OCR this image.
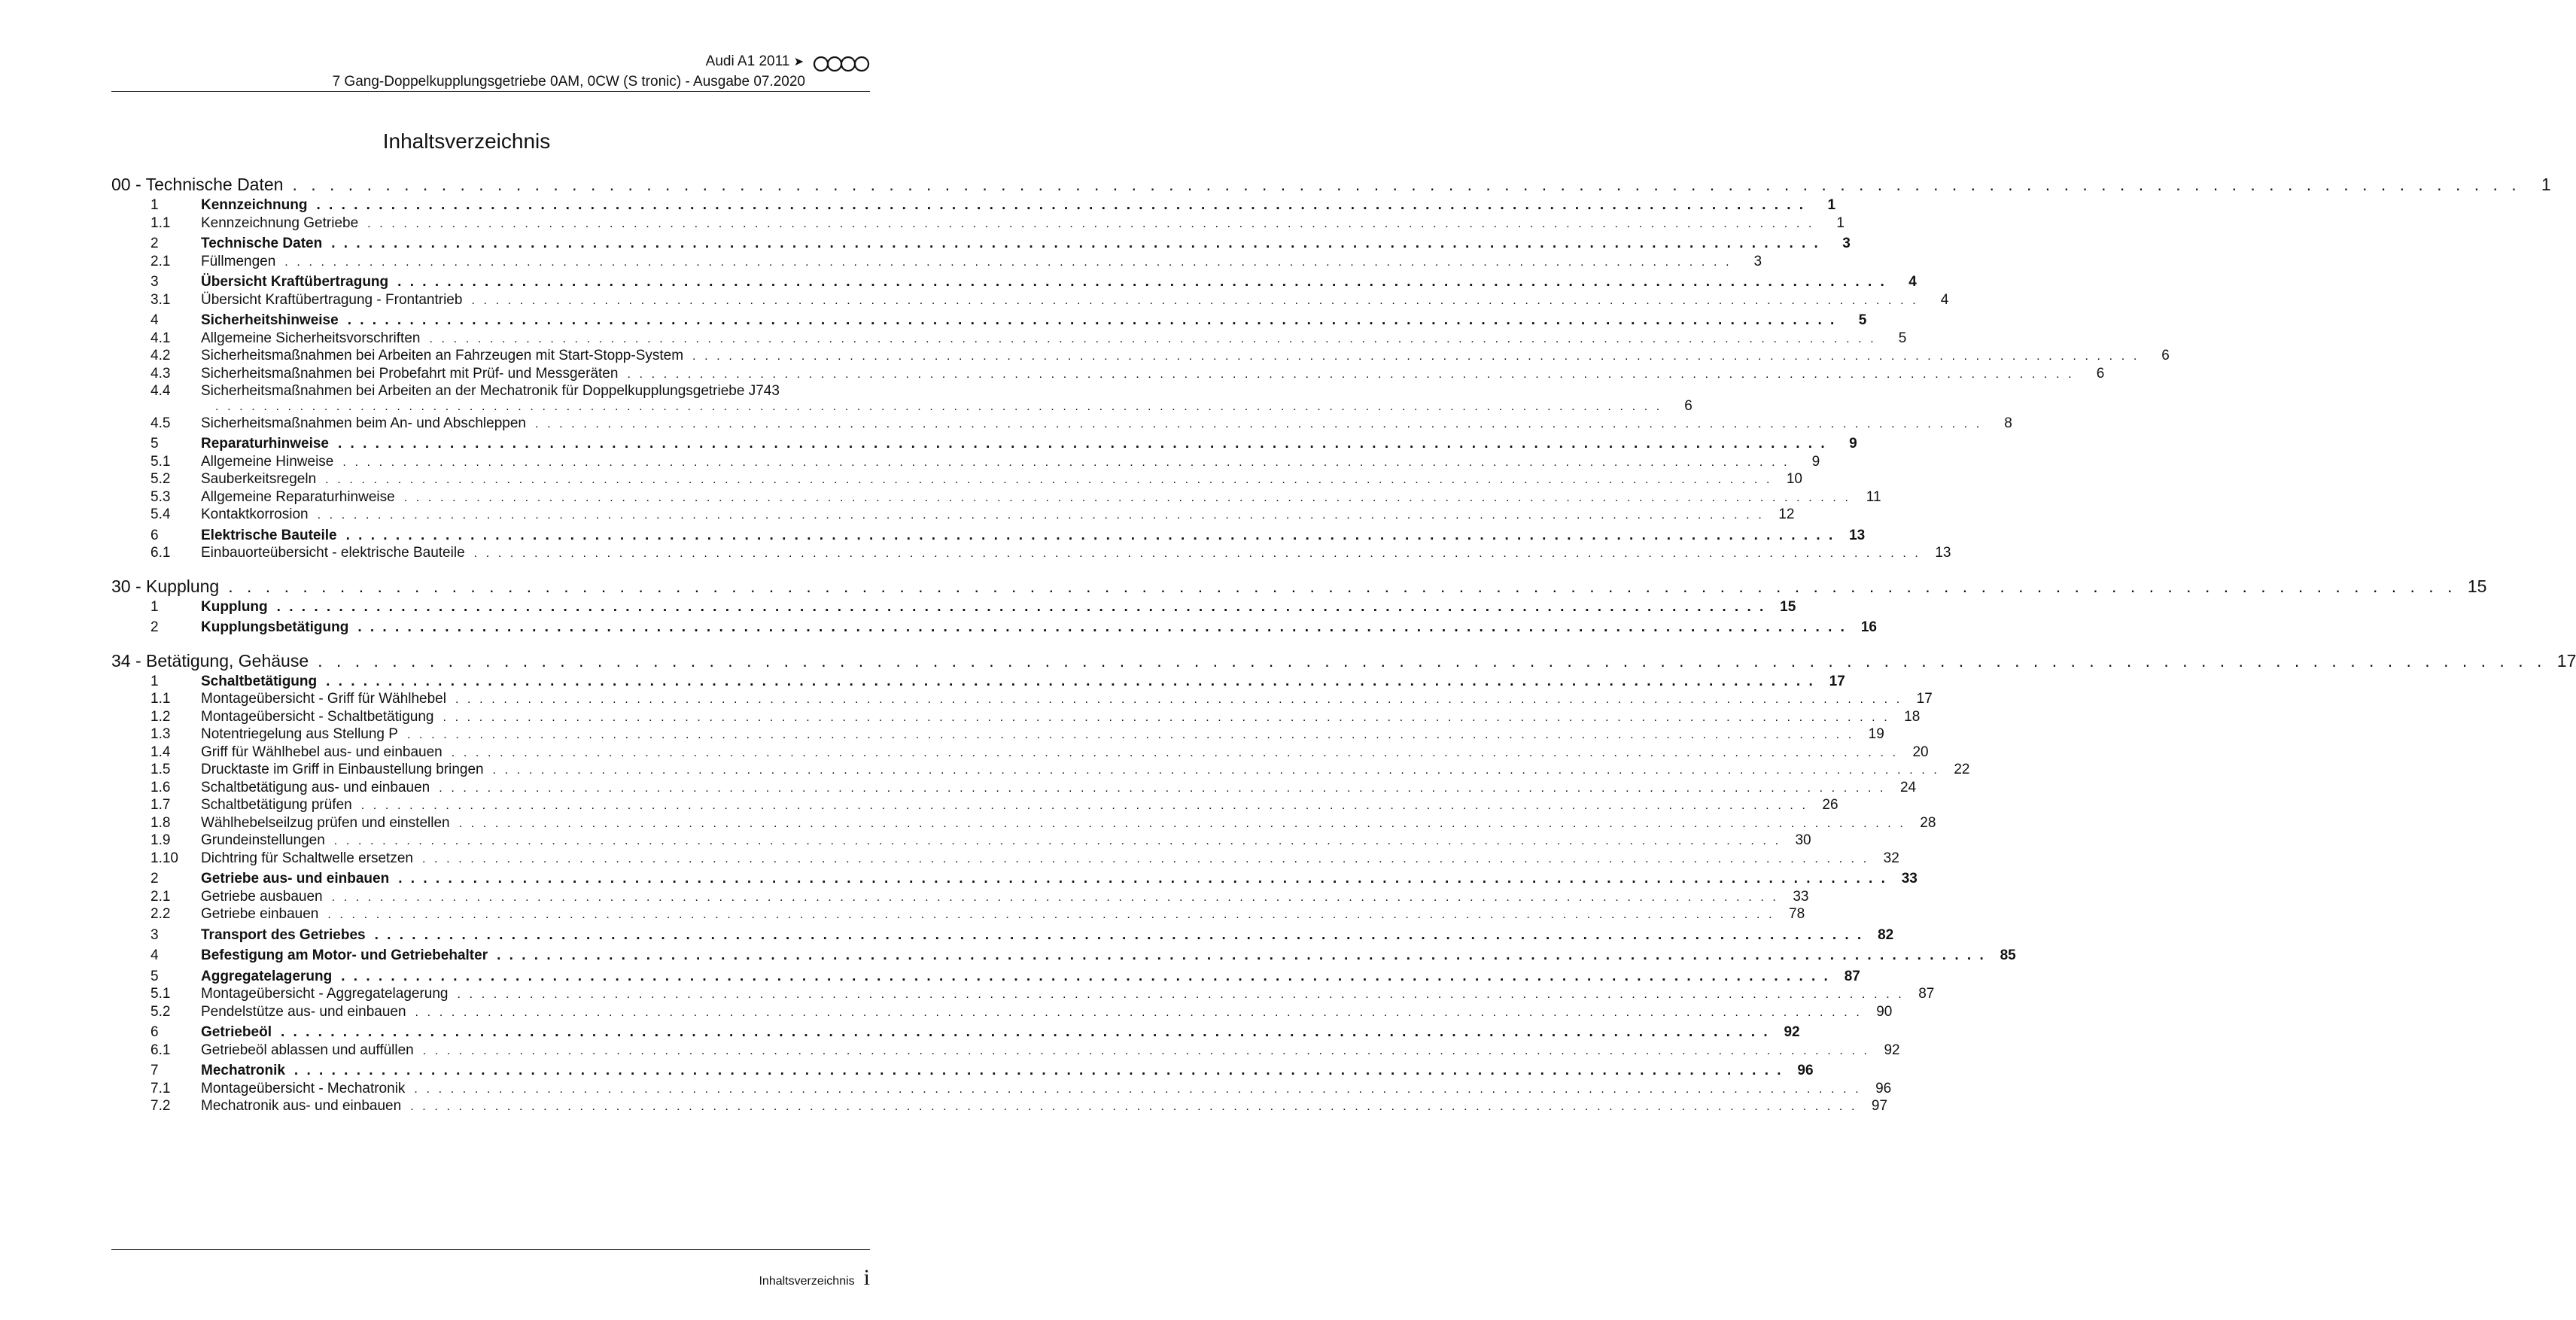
Audi A1 2011 ➤
7 Gang-Doppelkupplungsgetriebe 0AM, 0CW (S tronic) - Ausgabe 07.2020
Inhaltsverzeichnis
00 - Technische Daten . . . . . . . . . . . . . . . . . . . . . . . . . . . . . . . . . . . . . . . . . . . . . . . . . . . . . . . . . . . . . . . . . . . . . . . . . . . . . . . . . . . . . . . . . . . . . . . . . . . . . . . . . . . . . . . . . . . . . . . .	1
1	Kennzeichnung . . . . . . . . . . . . . . . . . . . . . . . . . . . . . . . . . . . . . . . . . . . . . . . . . . . . . . . . . . . . . . . . . . . . . . . . . . . . . . . . . . . . . . . . . . . . . . . . . . . . . . . . . . . . . . . . . . . . . . . .	1
1.1	Kennzeichnung Getriebe . . . . . . . . . . . . . . . . . . . . . . . . . . . . . . . . . . . . . . . . . . . . . . . . . . . . . . . . . . . . . . . . . . . . . . . . . . . . . . . . . . . . . . . . . . . . . . . . . . . . . . . . . . . . . . . . . . . . . . . .	1
2	Technische Daten . . . . . . . . . . . . . . . . . . . . . . . . . . . . . . . . . . . . . . . . . . . . . . . . . . . . . . . . . . . . . . . . . . . . . . . . . . . . . . . . . . . . . . . . . . . . . . . . . . . . . . . . . . . . . . . . . . . . . . . .	3
2.1	Füllmengen . . . . . . . . . . . . . . . . . . . . . . . . . . . . . . . . . . . . . . . . . . . . . . . . . . . . . . . . . . . . . . . . . . . . . . . . . . . . . . . . . . . . . . . . . . . . . . . . . . . . . . . . . . . . . . . . . . . . . . . .	3
3	Übersicht Kraftübertragung . . . . . . . . . . . . . . . . . . . . . . . . . . . . . . . . . . . . . . . . . . . . . . . . . . . . . . . . . . . . . . . . . . . . . . . . . . . . . . . . . . . . . . . . . . . . . . . . . . . . . . . . . . . . . . . . . . . . . . . .	4
3.1	Übersicht Kraftübertragung - Frontantrieb . . . . . . . . . . . . . . . . . . . . . . . . . . . . . . . . . . . . . . . . . . . . . . . . . . . . . . . . . . . . . . . . . . . . . . . . . . . . . . . . . . . . . . . . . . . . . . . . . . . . . . . . . . . . . . . . . . . . . . . .	4
4	Sicherheitshinweise . . . . . . . . . . . . . . . . . . . . . . . . . . . . . . . . . . . . . . . . . . . . . . . . . . . . . . . . . . . . . . . . . . . . . . . . . . . . . . . . . . . . . . . . . . . . . . . . . . . . . . . . . . . . . . . . . . . . . . . .	5
4.1	Allgemeine Sicherheitsvorschriften . . . . . . . . . . . . . . . . . . . . . . . . . . . . . . . . . . . . . . . . . . . . . . . . . . . . . . . . . . . . . . . . . . . . . . . . . . . . . . . . . . . . . . . . . . . . . . . . . . . . . . . . . . . . . . . . . . . . . . . .	5
4.2	Sicherheitsmaßnahmen bei Arbeiten an Fahrzeugen mit Start-Stopp-System . . . . . . . . . . . . . . . . . . . . . . . . . . . . . . . . . . . . . . . . . . . . . . . . . . . . . . . . . . . . . . . . . . . . . . . . . . . . . . . . . . . . . . . . . . . . . . . . . . . . . . . . . . . . . . . . . . . . . . . .	6
4.3	Sicherheitsmaßnahmen bei Probefahrt mit Prüf- und Messgeräten . . . . . . . . . . . . . . . . . . . . . . . . . . . . . . . . . . . . . . . . . . . . . . . . . . . . . . . . . . . . . . . . . . . . . . . . . . . . . . . . . . . . . . . . . . . . . . . . . . . . . . . . . . . . . . . . . . . . . . . .	6
4.4	Sicherheitsmaßnahmen bei Arbeiten an der Mechatronik für Doppelkupplungsgetriebe J743
. . . . . . . . . . . . . . . . . . . . . . . . . . . . . . . . . . . . . . . . . . . . . . . . . . . . . . . . . . . . . . . . . . . . . . . . . . . . . . . . . . . . . . . . . . . . . . . . . . . . . . . . . . . . . . . . . . . . . . . .	6
4.5	Sicherheitsmaßnahmen beim An- und Abschleppen . . . . . . . . . . . . . . . . . . . . . . . . . . . . . . . . . . . . . . . . . . . . . . . . . . . . . . . . . . . . . . . . . . . . . . . . . . . . . . . . . . . . . . . . . . . . . . . . . . . . . . . . . . . . . . . . . . . . . . . .	8
5	Reparaturhinweise . . . . . . . . . . . . . . . . . . . . . . . . . . . . . . . . . . . . . . . . . . . . . . . . . . . . . . . . . . . . . . . . . . . . . . . . . . . . . . . . . . . . . . . . . . . . . . . . . . . . . . . . . . . . . . . . . . . . . . . .	9
5.1	Allgemeine Hinweise . . . . . . . . . . . . . . . . . . . . . . . . . . . . . . . . . . . . . . . . . . . . . . . . . . . . . . . . . . . . . . . . . . . . . . . . . . . . . . . . . . . . . . . . . . . . . . . . . . . . . . . . . . . . . . . . . . . . . . . .	9
5.2	Sauberkeitsregeln . . . . . . . . . . . . . . . . . . . . . . . . . . . . . . . . . . . . . . . . . . . . . . . . . . . . . . . . . . . . . . . . . . . . . . . . . . . . . . . . . . . . . . . . . . . . . . . . . . . . . . . . . . . . . . . . . . . . . . . . 10
5.3	Allgemeine Reparaturhinweise . . . . . . . . . . . . . . . . . . . . . . . . . . . . . . . . . . . . . . . . . . . . . . . . . . . . . . . . . . . . . . . . . . . . . . . . . . . . . . . . . . . . . . . . . . . . . . . . . . . . . . . . . . . . . . . . . . . . . . . .	11
5.4	Kontaktkorrosion . . . . . . . . . . . . . . . . . . . . . . . . . . . . . . . . . . . . . . . . . . . . . . . . . . . . . . . . . . . . . . . . . . . . . . . . . . . . . . . . . . . . . . . . . . . . . . . . . . . . . . . . . . . . . . . . . . . . . . . . 12
6	Elektrische Bauteile . . . . . . . . . . . . . . . . . . . . . . . . . . . . . . . . . . . . . . . . . . . . . . . . . . . . . . . . . . . . . . . . . . . . . . . . . . . . . . . . . . . . . . . . . . . . . . . . . . . . . . . . . . . . . . . . . . . . . . . . 13
6.1	Einbauorteübersicht - elektrische Bauteile . . . . . . . . . . . . . . . . . . . . . . . . . . . . . . . . . . . . . . . . . . . . . . . . . . . . . . . . . . . . . . . . . . . . . . . . . . . . . . . . . . . . . . . . . . . . . . . . . . . . . . . . . . . . . . . . . . . . . . . . 13
30 - Kupplung . . . . . . . . . . . . . . . . . . . . . . . . . . . . . . . . . . . . . . . . . . . . . . . . . . . . . . . . . . . . . . . . . . . . . . . . . . . . . . . . . . . . . . . . . . . . . . . . . . . . . . . . . . . . . . . . . . . . . . . . 15
1	Kupplung . . . . . . . . . . . . . . . . . . . . . . . . . . . . . . . . . . . . . . . . . . . . . . . . . . . . . . . . . . . . . . . . . . . . . . . . . . . . . . . . . . . . . . . . . . . . . . . . . . . . . . . . . . . . . . . . . . . . . . . . 15
2	Kupplungsbetätigung . . . . . . . . . . . . . . . . . . . . . . . . . . . . . . . . . . . . . . . . . . . . . . . . . . . . . . . . . . . . . . . . . . . . . . . . . . . . . . . . . . . . . . . . . . . . . . . . . . . . . . . . . . . . . . . . . . . . . . . . 16
34 - Betätigung, Gehäuse . . . . . . . . . . . . . . . . . . . . . . . . . . . . . . . . . . . . . . . . . . . . . . . . . . . . . . . . . . . . . . . . . . . . . . . . . . . . . . . . . . . . . . . . . . . . . . . . . . . . . . . . . . . . . . . . . . . . . . . . 17
1	Schaltbetätigung . . . . . . . . . . . . . . . . . . . . . . . . . . . . . . . . . . . . . . . . . . . . . . . . . . . . . . . . . . . . . . . . . . . . . . . . . . . . . . . . . . . . . . . . . . . . . . . . . . . . . . . . . . . . . . . . . . . . . . . . 17
1.1	Montageübersicht - Griff für Wählhebel . . . . . . . . . . . . . . . . . . . . . . . . . . . . . . . . . . . . . . . . . . . . . . . . . . . . . . . . . . . . . . . . . . . . . . . . . . . . . . . . . . . . . . . . . . . . . . . . . . . . . . . . . . . . . . . . . . . . . . . . 17
1.2	Montageübersicht - Schaltbetätigung . . . . . . . . . . . . . . . . . . . . . . . . . . . . . . . . . . . . . . . . . . . . . . . . . . . . . . . . . . . . . . . . . . . . . . . . . . . . . . . . . . . . . . . . . . . . . . . . . . . . . . . . . . . . . . . . . . . . . . . . 18
1.3	Notentriegelung aus Stellung P . . . . . . . . . . . . . . . . . . . . . . . . . . . . . . . . . . . . . . . . . . . . . . . . . . . . . . . . . . . . . . . . . . . . . . . . . . . . . . . . . . . . . . . . . . . . . . . . . . . . . . . . . . . . . . . . . . . . . . . . 19
1.4	Griff für Wählhebel aus- und einbauen . . . . . . . . . . . . . . . . . . . . . . . . . . . . . . . . . . . . . . . . . . . . . . . . . . . . . . . . . . . . . . . . . . . . . . . . . . . . . . . . . . . . . . . . . . . . . . . . . . . . . . . . . . . . . . . . . . . . . . . . 20
1.5	Drucktaste im Griff in Einbaustellung bringen . . . . . . . . . . . . . . . . . . . . . . . . . . . . . . . . . . . . . . . . . . . . . . . . . . . . . . . . . . . . . . . . . . . . . . . . . . . . . . . . . . . . . . . . . . . . . . . . . . . . . . . . . . . . . . . . . . . . . . . . 22
1.6	Schaltbetätigung aus- und einbauen . . . . . . . . . . . . . . . . . . . . . . . . . . . . . . . . . . . . . . . . . . . . . . . . . . . . . . . . . . . . . . . . . . . . . . . . . . . . . . . . . . . . . . . . . . . . . . . . . . . . . . . . . . . . . . . . . . . . . . . . 24
1.7	Schaltbetätigung prüfen . . . . . . . . . . . . . . . . . . . . . . . . . . . . . . . . . . . . . . . . . . . . . . . . . . . . . . . . . . . . . . . . . . . . . . . . . . . . . . . . . . . . . . . . . . . . . . . . . . . . . . . . . . . . . . . . . . . . . . . . 26
1.8	Wählhebelseilzug prüfen und einstellen . . . . . . . . . . . . . . . . . . . . . . . . . . . . . . . . . . . . . . . . . . . . . . . . . . . . . . . . . . . . . . . . . . . . . . . . . . . . . . . . . . . . . . . . . . . . . . . . . . . . . . . . . . . . . . . . . . . . . . . . 28
1.9	Grundeinstellungen . . . . . . . . . . . . . . . . . . . . . . . . . . . . . . . . . . . . . . . . . . . . . . . . . . . . . . . . . . . . . . . . . . . . . . . . . . . . . . . . . . . . . . . . . . . . . . . . . . . . . . . . . . . . . . . . . . . . . . . . 30
1.10	Dichtring für Schaltwelle ersetzen . . . . . . . . . . . . . . . . . . . . . . . . . . . . . . . . . . . . . . . . . . . . . . . . . . . . . . . . . . . . . . . . . . . . . . . . . . . . . . . . . . . . . . . . . . . . . . . . . . . . . . . . . . . . . . . . . . . . . . . . 32
2	Getriebe aus- und einbauen . . . . . . . . . . . . . . . . . . . . . . . . . . . . . . . . . . . . . . . . . . . . . . . . . . . . . . . . . . . . . . . . . . . . . . . . . . . . . . . . . . . . . . . . . . . . . . . . . . . . . . . . . . . . . . . . . . . . . . . . 33
2.1	Getriebe ausbauen . . . . . . . . . . . . . . . . . . . . . . . . . . . . . . . . . . . . . . . . . . . . . . . . . . . . . . . . . . . . . . . . . . . . . . . . . . . . . . . . . . . . . . . . . . . . . . . . . . . . . . . . . . . . . . . . . . . . . . . . 33
2.2	Getriebe einbauen . . . . . . . . . . . . . . . . . . . . . . . . . . . . . . . . . . . . . . . . . . . . . . . . . . . . . . . . . . . . . . . . . . . . . . . . . . . . . . . . . . . . . . . . . . . . . . . . . . . . . . . . . . . . . . . . . . . . . . . . 78
3	Transport des Getriebes . . . . . . . . . . . . . . . . . . . . . . . . . . . . . . . . . . . . . . . . . . . . . . . . . . . . . . . . . . . . . . . . . . . . . . . . . . . . . . . . . . . . . . . . . . . . . . . . . . . . . . . . . . . . . . . . . . . . . . . . 82
4	Befestigung am Motor- und Getriebehalter . . . . . . . . . . . . . . . . . . . . . . . . . . . . . . . . . . . . . . . . . . . . . . . . . . . . . . . . . . . . . . . . . . . . . . . . . . . . . . . . . . . . . . . . . . . . . . . . . . . . . . . . . . . . . . . . . . . . . . . . 85
5	Aggregatelagerung . . . . . . . . . . . . . . . . . . . . . . . . . . . . . . . . . . . . . . . . . . . . . . . . . . . . . . . . . . . . . . . . . . . . . . . . . . . . . . . . . . . . . . . . . . . . . . . . . . . . . . . . . . . . . . . . . . . . . . . . 87
5.1	Montageübersicht - Aggregatelagerung . . . . . . . . . . . . . . . . . . . . . . . . . . . . . . . . . . . . . . . . . . . . . . . . . . . . . . . . . . . . . . . . . . . . . . . . . . . . . . . . . . . . . . . . . . . . . . . . . . . . . . . . . . . . . . . . . . . . . . . . 87
5.2	Pendelstütze aus- und einbauen . . . . . . . . . . . . . . . . . . . . . . . . . . . . . . . . . . . . . . . . . . . . . . . . . . . . . . . . . . . . . . . . . . . . . . . . . . . . . . . . . . . . . . . . . . . . . . . . . . . . . . . . . . . . . . . . . . . . . . . . 90
6	Getriebeöl . . . . . . . . . . . . . . . . . . . . . . . . . . . . . . . . . . . . . . . . . . . . . . . . . . . . . . . . . . . . . . . . . . . . . . . . . . . . . . . . . . . . . . . . . . . . . . . . . . . . . . . . . . . . . . . . . . . . . . . . 92
6.1	Getriebeöl ablassen und auffüllen . . . . . . . . . . . . . . . . . . . . . . . . . . . . . . . . . . . . . . . . . . . . . . . . . . . . . . . . . . . . . . . . . . . . . . . . . . . . . . . . . . . . . . . . . . . . . . . . . . . . . . . . . . . . . . . . . . . . . . . . 92
7	Mechatronik . . . . . . . . . . . . . . . . . . . . . . . . . . . . . . . . . . . . . . . . . . . . . . . . . . . . . . . . . . . . . . . . . . . . . . . . . . . . . . . . . . . . . . . . . . . . . . . . . . . . . . . . . . . . . . . . . . . . . . . . 96
7.1	Montageübersicht - Mechatronik . . . . . . . . . . . . . . . . . . . . . . . . . . . . . . . . . . . . . . . . . . . . . . . . . . . . . . . . . . . . . . . . . . . . . . . . . . . . . . . . . . . . . . . . . . . . . . . . . . . . . . . . . . . . . . . . . . . . . . . . 96
7.2	Mechatronik aus- und einbauen . . . . . . . . . . . . . . . . . . . . . . . . . . . . . . . . . . . . . . . . . . . . . . . . . . . . . . . . . . . . . . . . . . . . . . . . . . . . . . . . . . . . . . . . . . . . . . . . . . . . . . . . . . . . . . . . . . . . . . . . 97
Inhaltsverzeichnis i
